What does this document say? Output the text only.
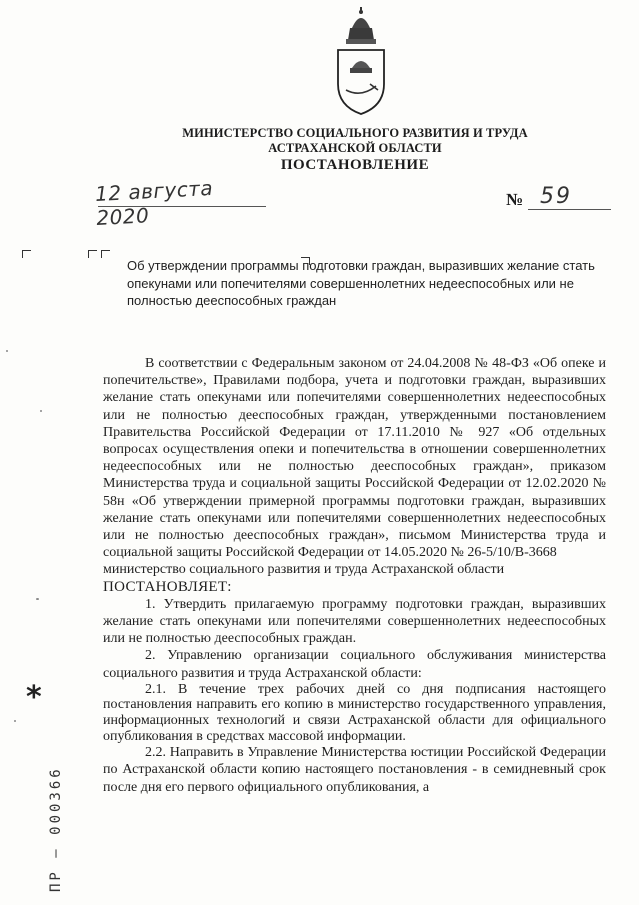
МИНИСТЕРСТВО СОЦИАЛЬНОГО РАЗВИТИЯ И ТРУДА
АСТРАХАНСКОЙ ОБЛАСТИ
ПОСТАНОВЛЕНИЕ
12 августа 2020
№ 59
Об утверждении программы подготовки граждан, выразивших желание стать опекунами или попечителями совершеннолетних недееспособных или не полностью дееспособных граждан

В соответствии с Федеральным законом от 24.04.2008 № 48-ФЗ «Об опеке и попечительстве», Правилами подбора, учета и подготовки граждан, выразивших желание стать опекунами или попечителями совершеннолетних недееспособных или не полностью дееспособных граждан, утвержденными постановлением Правительства Российской Федерации от 17.11.2010 № 927 «Об отдельных вопросах осуществления опеки и попечительства в отношении совершеннолетних недееспособных или не полностью дееспособных граждан», приказом Министерства труда и социальной защиты Российской Федерации от 12.02.2020 № 58н «Об утверждении примерной программы подготовки граждан, выразивших желание стать опекунами или попечителями совершеннолетних недееспособных или не полностью дееспособных граждан», письмом Министерства труда и социальной защиты Российской Федерации от 14.05.2020 № 26-5/10/В-3668

министерство социального развития и труда Астраханской области

ПОСТАНОВЛЯЕТ:

1. Утвердить прилагаемую программу подготовки граждан, выразивших желание стать опекунами или попечителями совершеннолетних недееспособных или не полностью дееспособных граждан.

2. Управлению организации социального обслуживания министерства социального развития и труда Астраханской области:

2.1. В течение трех рабочих дней со дня подписания настоящего постановления направить его копию в министерство государственного управления, информационных технологий и связи Астраханской области для официального опубликования в средствах массовой информации.

2.2. Направить в Управление Министерства юстиции Российской Федерации по Астраханской области копию настоящего постановления - в семидневный срок после дня его первого официального опубликования, а

*
ПР — 000366
